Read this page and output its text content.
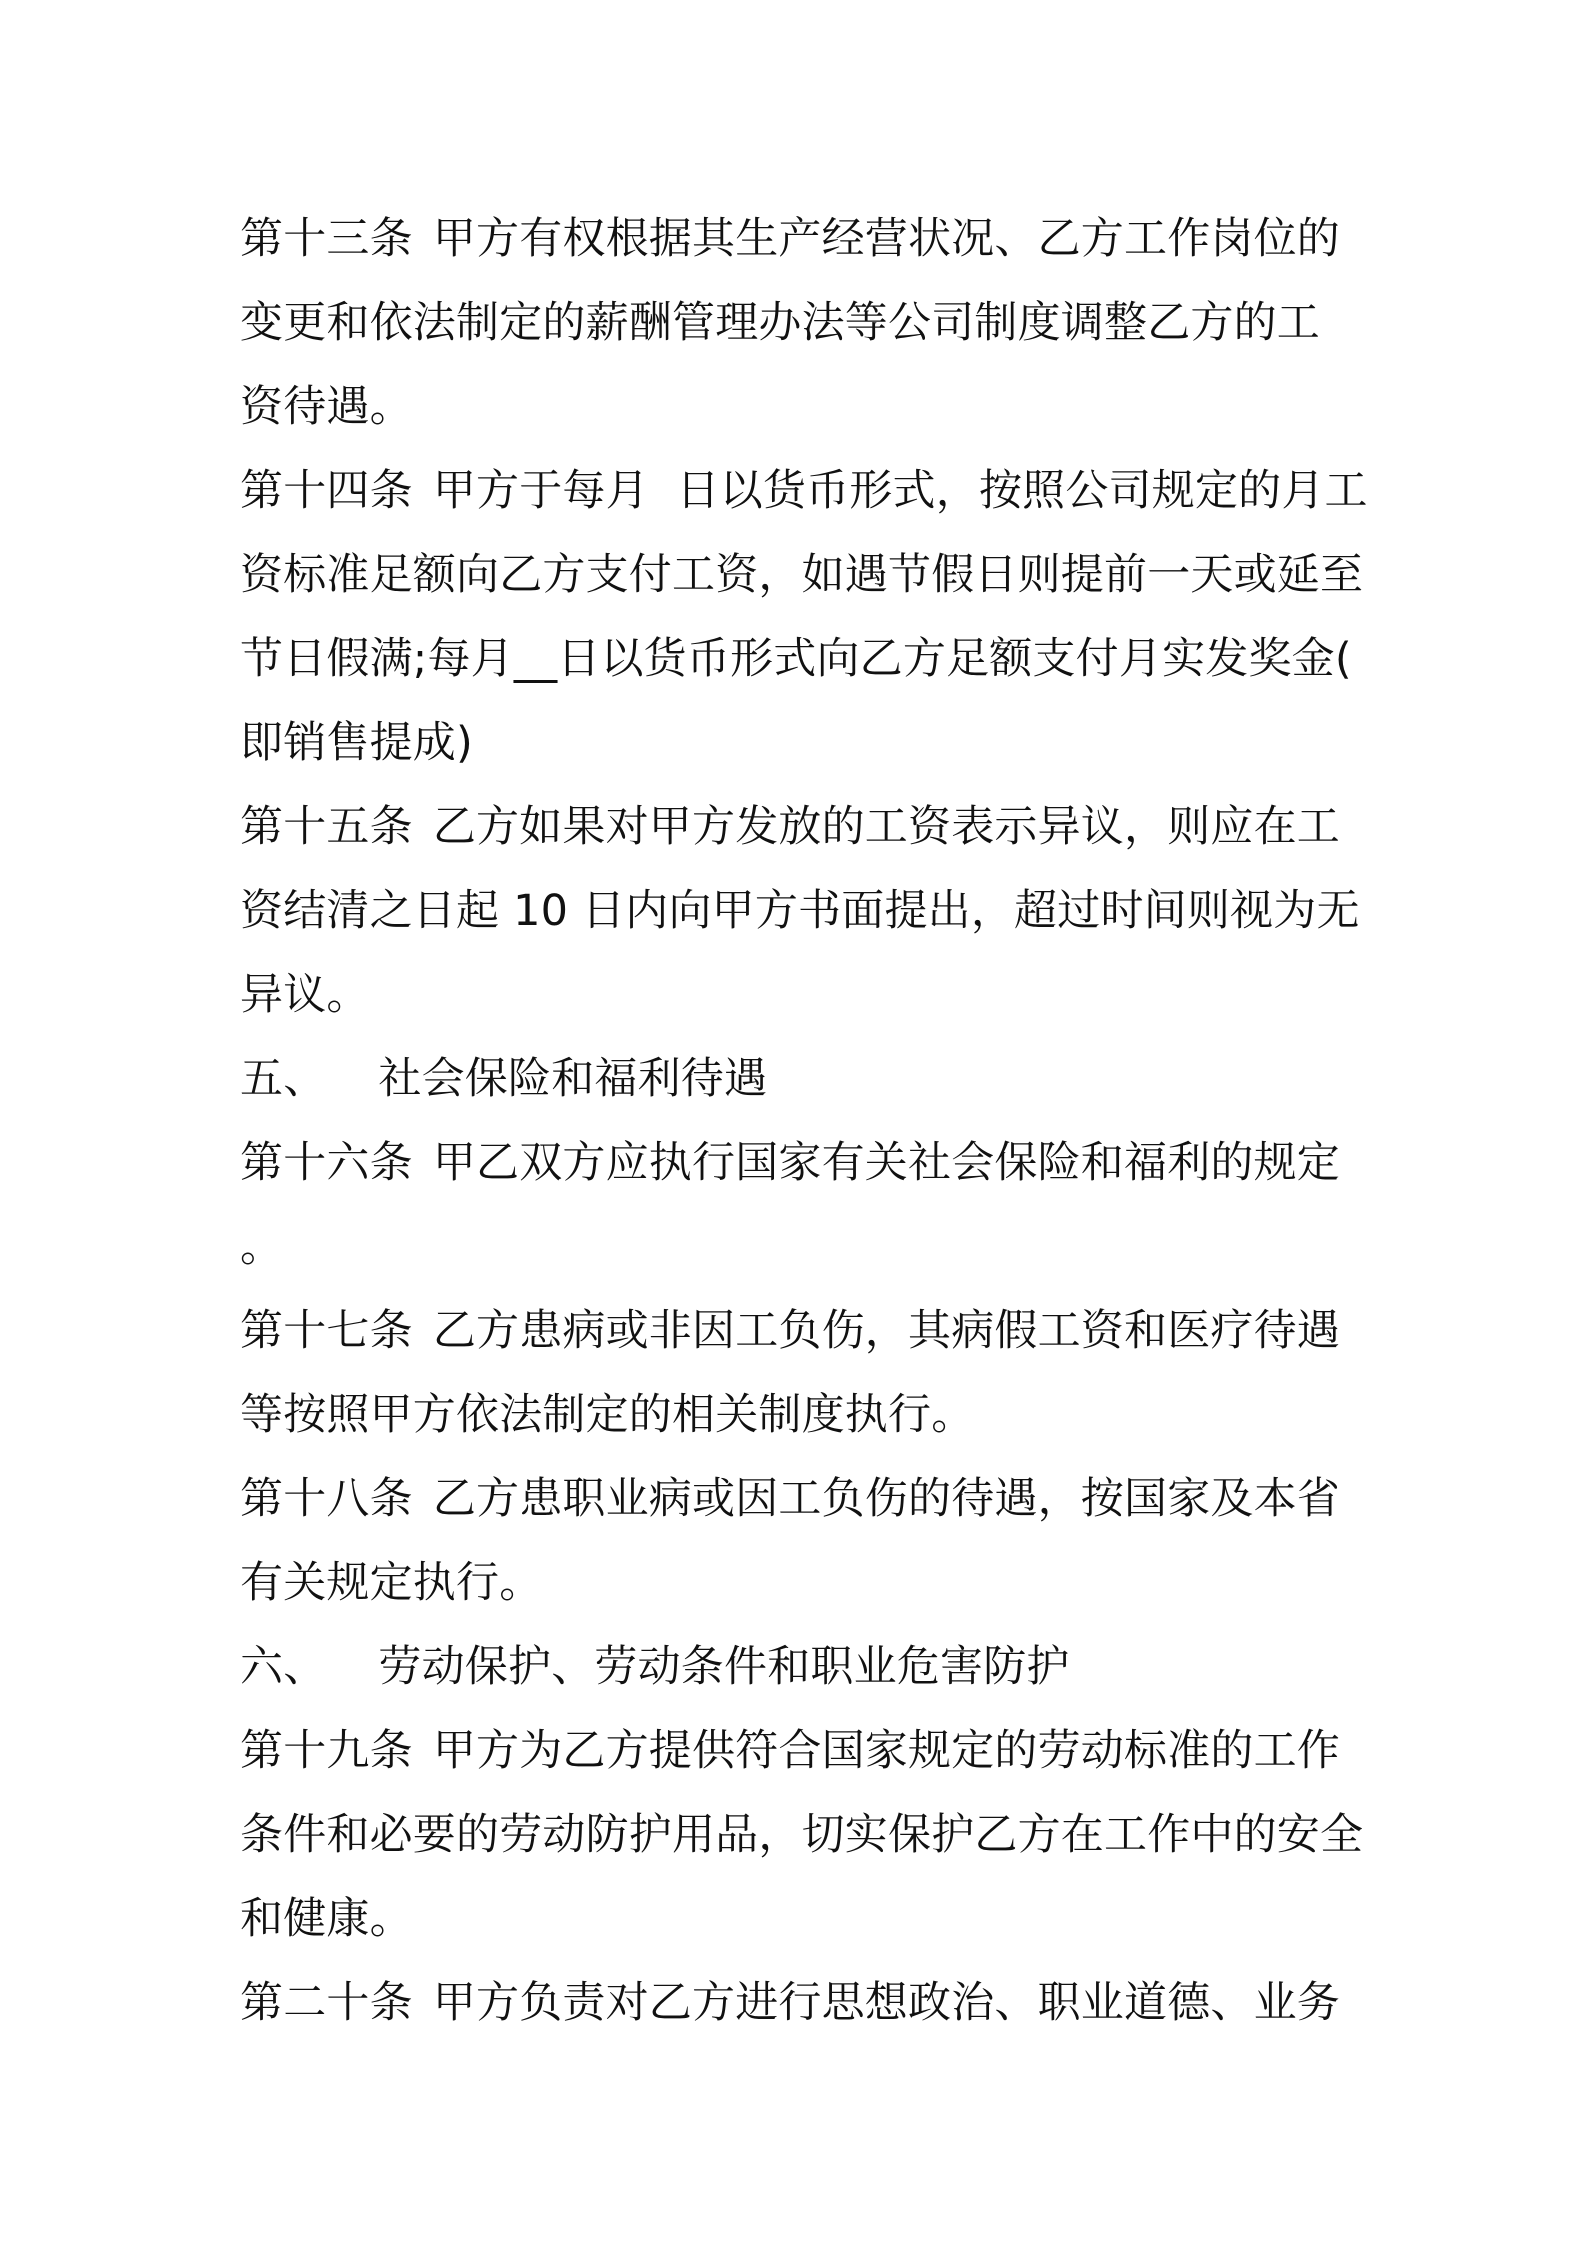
第十三条 甲方有权根据其生产经营状况、乙方工作岗位的
变更和依法制定的薪酬管理办法等公司制度调整乙方的工
资待遇。
第十四条 甲方于每月  日以货币形式，按照公司规定的月工
资标准足额向乙方支付工资，如遇节假日则提前一天或延至
节日假满;每月__日以货币形式向乙方足额支付月实发奖金(
即销售提成)
第十五条 乙方如果对甲方发放的工资表示异议，则应在工
资结清之日起 10 日内向甲方书面提出，超过时间则视为无
异议。
五、 社会保险和福利待遇
第十六条 甲乙双方应执行国家有关社会保险和福利的规定
。
第十七条 乙方患病或非因工负伤，其病假工资和医疗待遇
等按照甲方依法制定的相关制度执行。
第十八条 乙方患职业病或因工负伤的待遇，按国家及本省
有关规定执行。
六、 劳动保护、劳动条件和职业危害防护
第十九条 甲方为乙方提供符合国家规定的劳动标准的工作
条件和必要的劳动防护用品，切实保护乙方在工作中的安全
和健康。
第二十条 甲方负责对乙方进行思想政治、职业道德、业务
